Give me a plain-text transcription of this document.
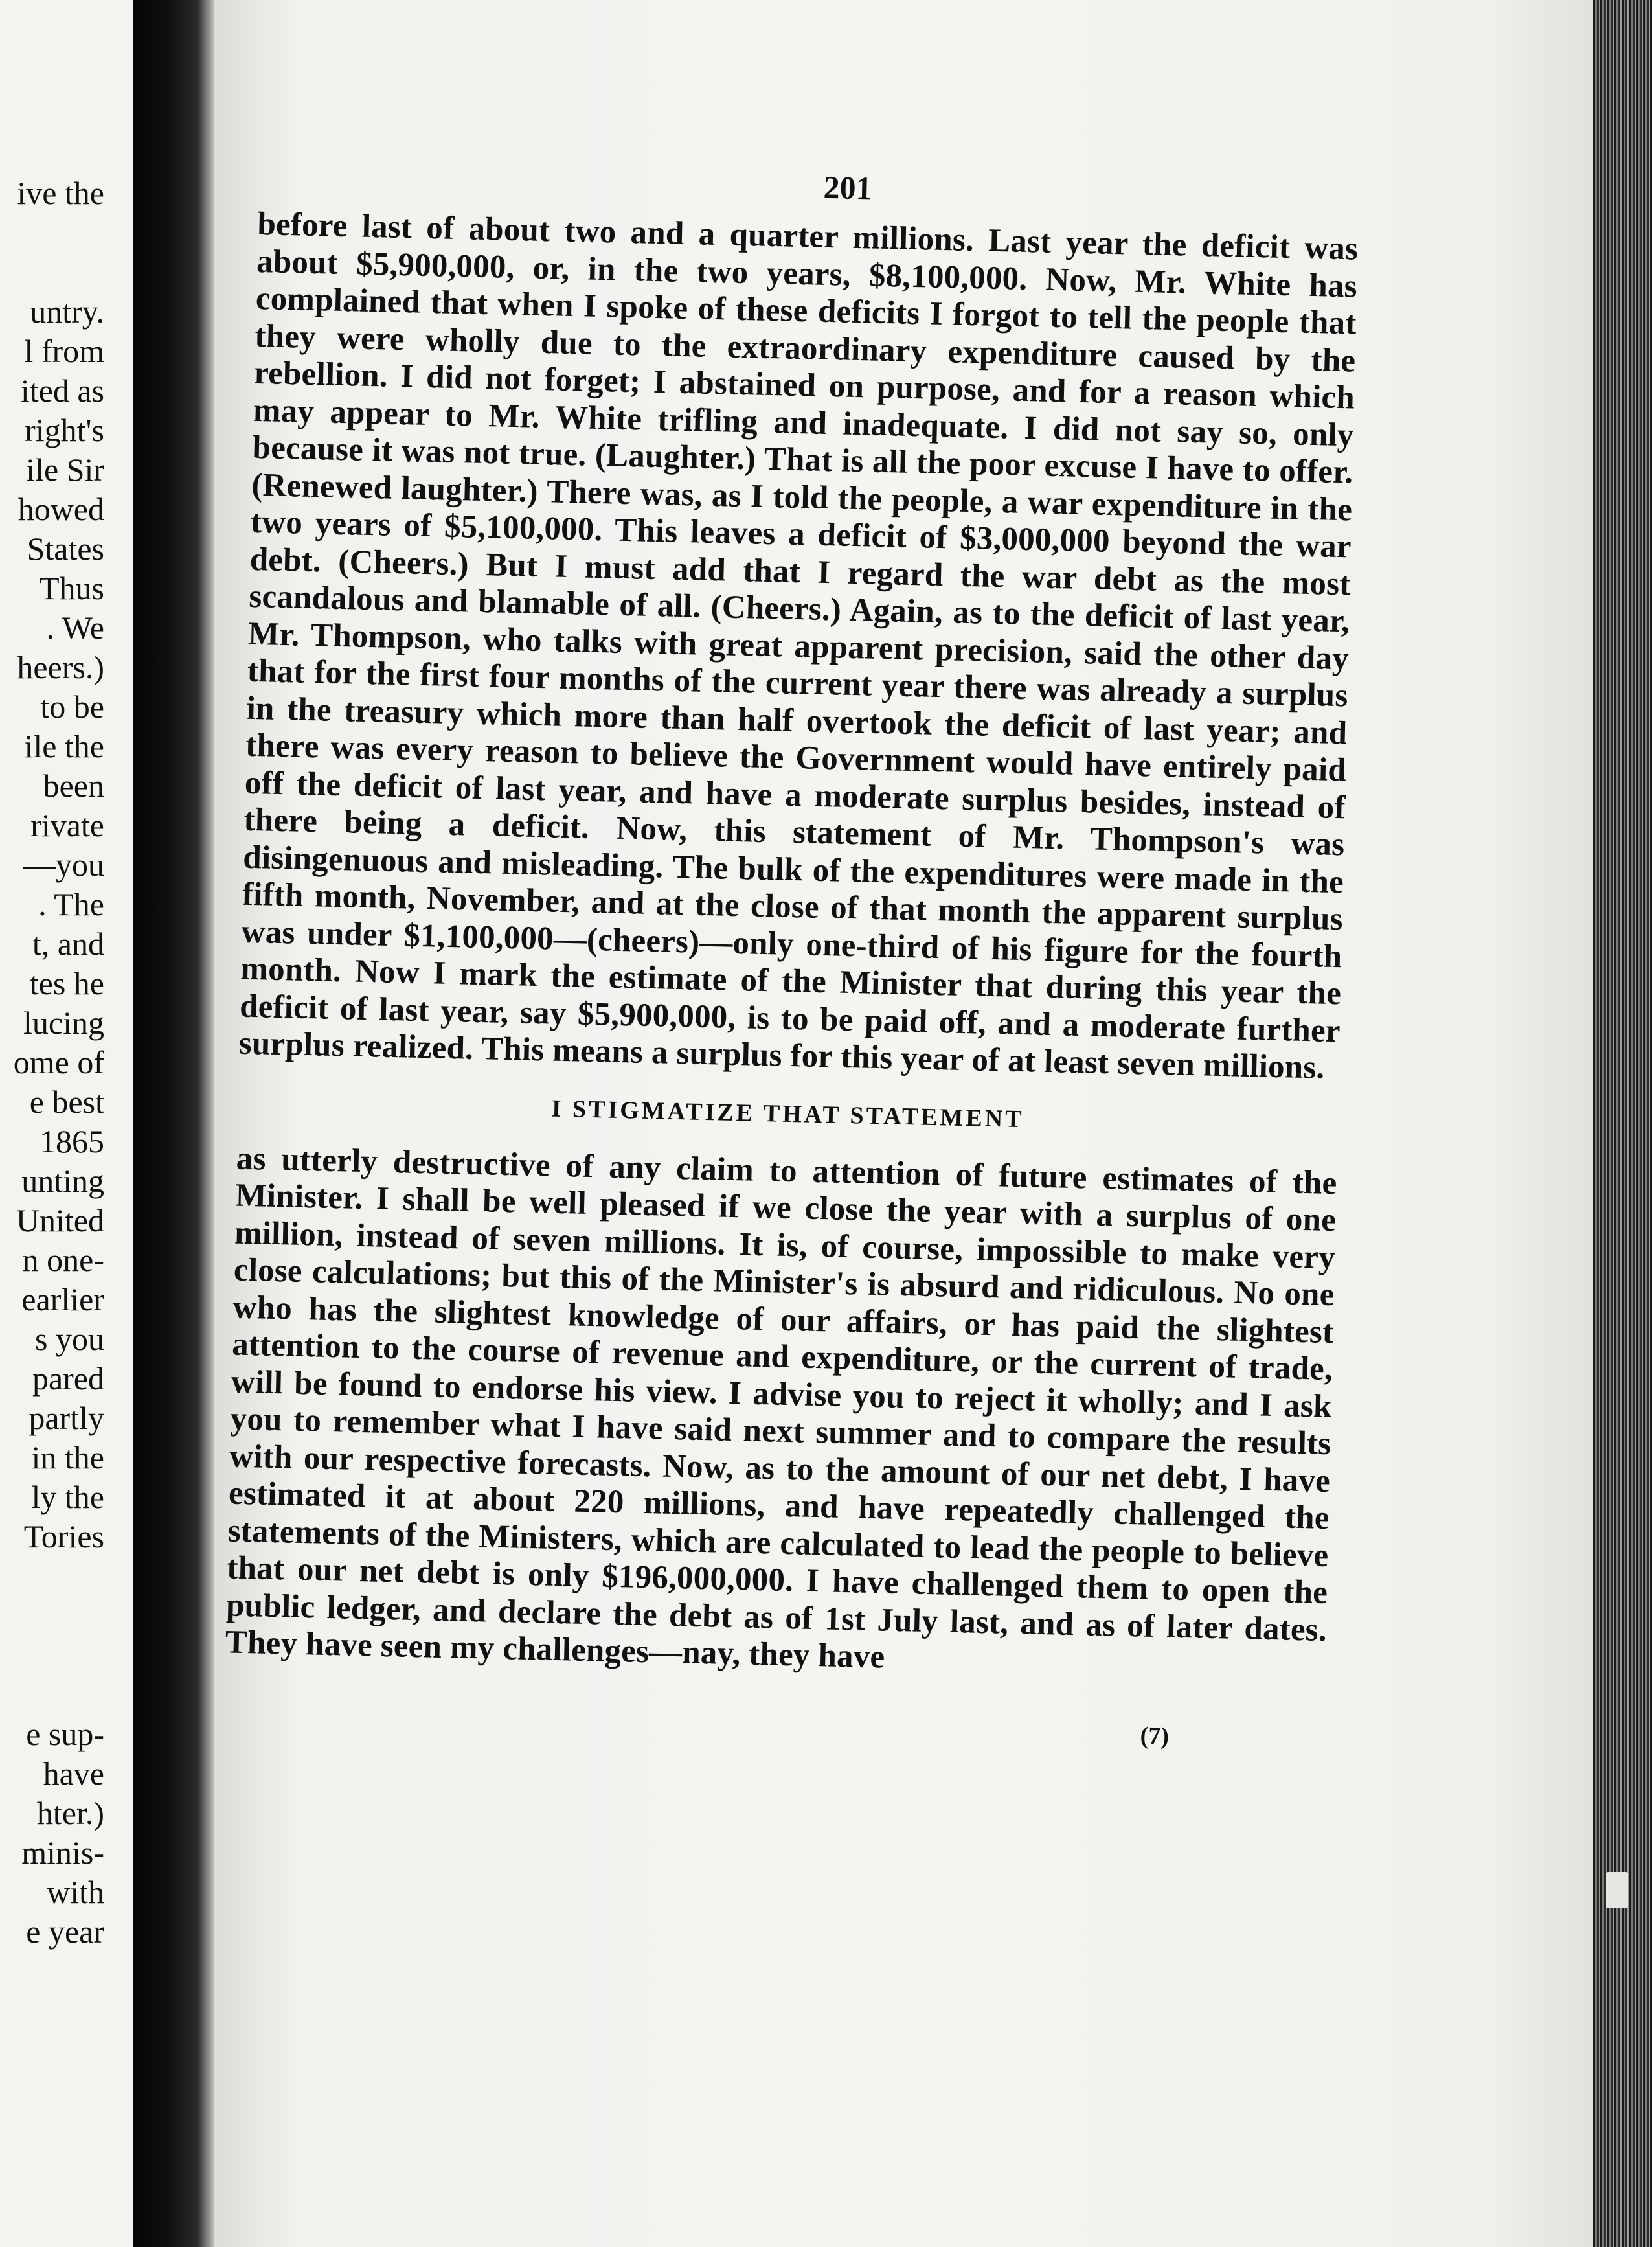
ive the
untry.
l from
ited as
right's
ile Sir
howed
States
Thus
. We
heers.)
to be
ile the
been
rivate
—you
. The
t, and
tes he
lucing
ome of
e best
1865
unting
United
n one-
earlier
s you
pared
partly
in the
ly the
Tories
e sup-
have
hter.)
minis-
with
e year
201

before last of about two and a quarter millions. Last year the deficit was about $5,900,000, or, in the two years, $8,100,000. Now, Mr. White has complained that when I spoke of these deficits I forgot to tell the people that they were wholly due to the extraordinary expenditure caused by the rebellion. I did not forget; I abstained on purpose, and for a reason which may appear to Mr. White trifling and inadequate. I did not say so, only because it was not true. (Laughter.) That is all the poor excuse I have to offer. (Renewed laughter.) There was, as I told the people, a war expenditure in the two years of $5,100,000. This leaves a deficit of $3,000,000 beyond the war debt. (Cheers.) But I must add that I regard the war debt as the most scandalous and blamable of all. (Cheers.) Again, as to the deficit of last year, Mr. Thompson, who talks with great apparent precision, said the other day that for the first four months of the current year there was already a surplus in the treasury which more than half overtook the deficit of last year; and there was every reason to believe the Government would have entirely paid off the deficit of last year, and have a moderate surplus besides, instead of there being a deficit. Now, this statement of Mr. Thompson's was disingenuous and misleading. The bulk of the expenditures were made in the fifth month, November, and at the close of that month the apparent surplus was under $1,100,000—(cheers)—only one-third of his figure for the fourth month. Now I mark the estimate of the Minister that during this year the deficit of last year, say $5,900,000, is to be paid off, and a moderate further surplus realized. This means a surplus for this year of at least seven millions.

I STIGMATIZE THAT STATEMENT

as utterly destructive of any claim to attention of future estimates of the Minister. I shall be well pleased if we close the year with a surplus of one million, instead of seven millions. It is, of course, impossible to make very close calculations; but this of the Minister's is absurd and ridiculous. No one who has the slightest knowledge of our affairs, or has paid the slightest attention to the course of revenue and expenditure, or the current of trade, will be found to endorse his view. I advise you to reject it wholly; and I ask you to remember what I have said next summer and to compare the results with our respective forecasts. Now, as to the amount of our net debt, I have estimated it at about 220 millions, and have repeatedly challenged the statements of the Ministers, which are calculated to lead the people to believe that our net debt is only $196,000,000. I have challenged them to open the public ledger, and declare the debt as of 1st July last, and as of later dates. They have seen my challenges—nay, they have

(7)
